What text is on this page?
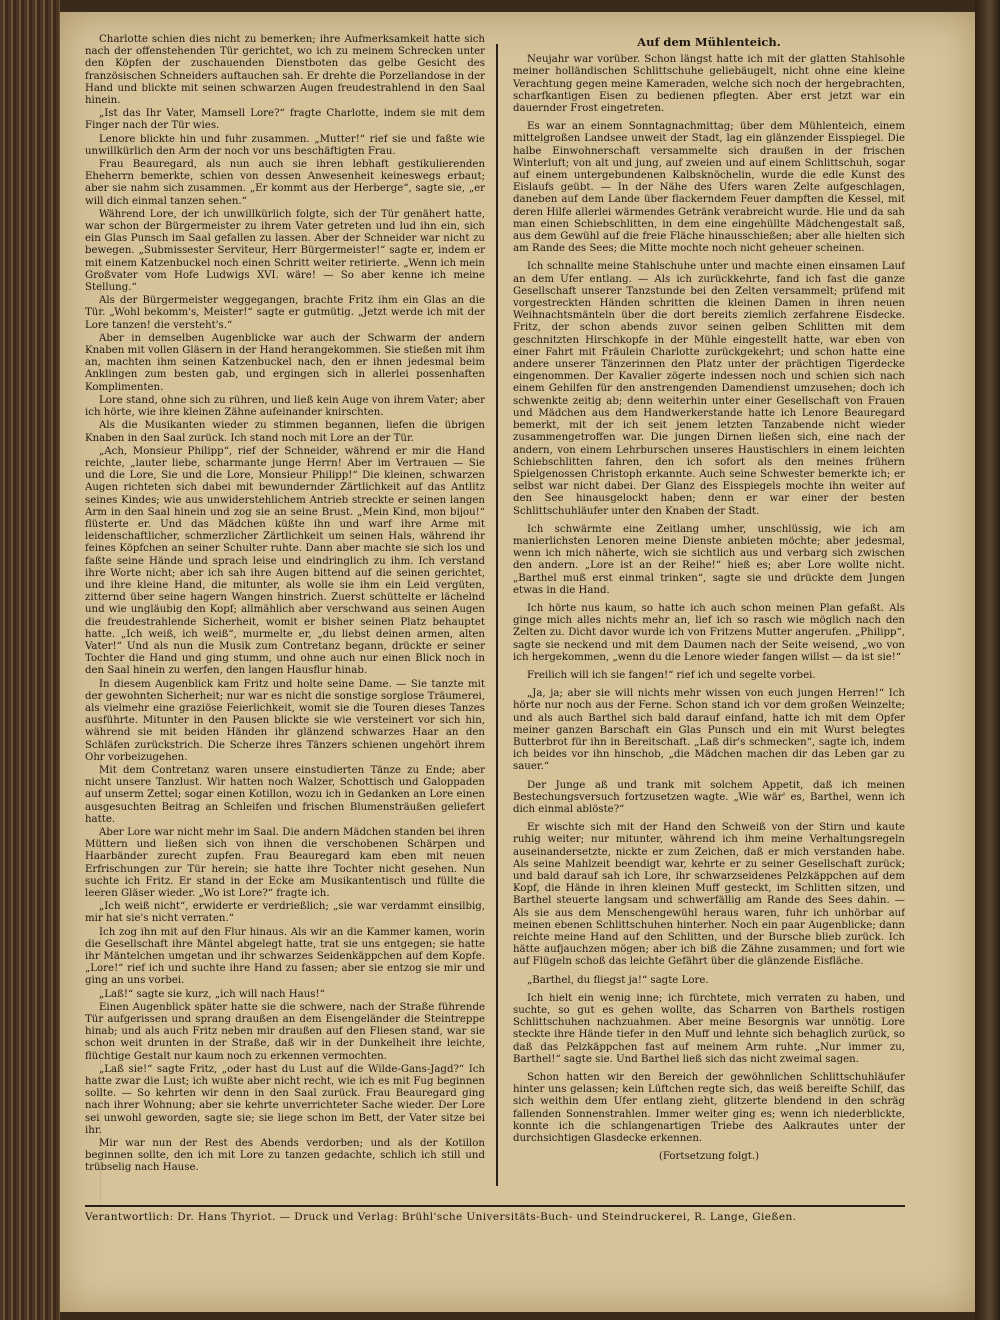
Charlotte schien dies nicht zu bemerken; ihre Aufmerksamkeit hatte sich nach der offenstehenden Tür gerichtet, wo ich zu meinem Schrecken unter den Köpfen der zuschauenden Dienstboten das gelbe Gesicht des französischen Schneiders auftauchen sah. Er drehte die Porzellandose in der Hand und blickte mit seinen schwarzen Augen freudestrahlend in den Saal hinein.

„Ist das Ihr Vater, Mamsell Lore?“ fragte Charlotte, indem sie mit dem Finger nach der Tür wies.

Lenore blickte hin und fuhr zusammen. „Mutter!“ rief sie und faßte wie unwillkürlich den Arm der noch vor uns beschäftigten Frau.

Frau Beauregard, als nun auch sie ihren lebhaft gestikulierenden Eheherrn bemerkte, schien von dessen Anwesenheit keineswegs erbaut; aber sie nahm sich zusammen. „Er kommt aus der Herberge“, sagte sie, „er will dich einmal tanzen sehen.“

Während Lore, der ich unwillkürlich folgte, sich der Tür genähert hatte, war schon der Bürgermeister zu ihrem Vater getreten und lud ihn ein, sich ein Glas Punsch im Saal gefallen zu lassen. Aber der Schneider war nicht zu bewegen. „Submissester Serviteur, Herr Bürgermeister!“ sagte er, indem er mit einem Katzenbuckel noch einen Schritt weiter retirierte. „Wenn ich mein Großvater vom Hofe Ludwigs XVI. wäre! — So aber kenne ich meine Stellung.“

Als der Bürgermeister weggegangen, brachte Fritz ihm ein Glas an die Tür. „Wohl bekomm's, Meister!“ sagte er gutmütig. „Jetzt werde ich mit der Lore tanzen! die versteht's.“

Aber in demselben Augenblicke war auch der Schwarm der andern Knaben mit vollen Gläsern in der Hand herangekommen. Sie stießen mit ihm an, machten ihm seinen Katzenbuckel nach, den er ihnen jedesmal beim Anklingen zum besten gab, und ergingen sich in allerlei possenhaften Komplimenten.

Lore stand, ohne sich zu rühren, und ließ kein Auge von ihrem Vater; aber ich hörte, wie ihre kleinen Zähne aufeinander knirschten.

Als die Musikanten wieder zu stimmen begannen, liefen die übrigen Knaben in den Saal zurück. Ich stand noch mit Lore an der Tür.

„Ach, Monsieur Philipp“, rief der Schneider, während er mir die Hand reichte, „lauter liebe, scharmante junge Herrn! Aber im Vertrauen — Sie und die Lore, Sie und die Lore, Monsieur Philipp!“ Die kleinen, schwarzen Augen richteten sich dabei mit bewundernder Zärtlichkeit auf das Antlitz seines Kindes; wie aus unwiderstehlichem Antrieb streckte er seinen langen Arm in den Saal hinein und zog sie an seine Brust. „Mein Kind, mon bijou!“ flüsterte er. Und das Mädchen küßte ihn und warf ihre Arme mit leidenschaftlicher, schmerzlicher Zärtlichkeit um seinen Hals, während ihr feines Köpfchen an seiner Schulter ruhte. Dann aber machte sie sich los und faßte seine Hände und sprach leise und eindringlich zu ihm. Ich verstand ihre Worte nicht; aber ich sah ihre Augen bittend auf die seinen gerichtet, und ihre kleine Hand, die mitunter, als wolle sie ihm ein Leid vergüten, zitternd über seine hagern Wangen hinstrich. Zuerst schüttelte er lächelnd und wie ungläubig den Kopf; allmählich aber verschwand aus seinen Augen die freudestrahlende Sicherheit, womit er bisher seinen Platz behauptet hatte. „Ich weiß, ich weiß“, murmelte er, „du liebst deinen armen, alten Vater!“ Und als nun die Musik zum Contretanz begann, drückte er seiner Tochter die Hand und ging stumm, und ohne auch nur einen Blick noch in den Saal hinein zu werfen, den langen Hausflur hinab.

In diesem Augenblick kam Fritz und holte seine Dame. — Sie tanzte mit der gewohnten Sicherheit; nur war es nicht die sonstige sorglose Träumerei, als vielmehr eine graziöse Feierlichkeit, womit sie die Touren dieses Tanzes ausführte. Mitunter in den Pausen blickte sie wie versteinert vor sich hin, während sie mit beiden Händen ihr glänzend schwarzes Haar an den Schläfen zurückstrich. Die Scherze ihres Tänzers schienen ungehört ihrem Ohr vorbeizugehen.

Mit dem Contretanz waren unsere einstudierten Tänze zu Ende; aber nicht unsere Tanzlust. Wir hatten noch Walzer, Schottisch und Galoppaden auf unserm Zettel; sogar einen Kotillon, wozu ich in Gedanken an Lore einen ausgesuchten Beitrag an Schleifen und frischen Blumensträußen geliefert hatte.

Aber Lore war nicht mehr im Saal. Die andern Mädchen standen bei ihren Müttern und ließen sich von ihnen die verschobenen Schärpen und Haarbänder zurecht zupfen. Frau Beauregard kam eben mit neuen Erfrischungen zur Tür herein; sie hatte ihre Tochter nicht gesehen. Nun suchte ich Fritz. Er stand in der Ecke am Musikantentisch und füllte die leeren Gläser wieder. „Wo ist Lore?“ fragte ich.

„Ich weiß nicht“, erwiderte er verdrießlich; „sie war verdammt einsilbig, mir hat sie's nicht verraten.“

Ich zog ihn mit auf den Flur hinaus. Als wir an die Kammer kamen, worin die Gesellschaft ihre Mäntel abgelegt hatte, trat sie uns entgegen; sie hatte ihr Mäntelchen umgetan und ihr schwarzes Seidenkäppchen auf dem Kopfe. „Lore!“ rief ich und suchte ihre Hand zu fassen; aber sie entzog sie mir und ging an uns vorbei.

„Laß!“ sagte sie kurz, „ich will nach Haus!“

Einen Augenblick später hatte sie die schwere, nach der Straße führende Tür aufgerissen und sprang draußen an dem Eisengeländer die Steintreppe hinab; und als auch Fritz neben mir draußen auf den Fliesen stand, war sie schon weit drunten in der Straße, daß wir in der Dunkelheit ihre leichte, flüchtige Gestalt nur kaum noch zu erkennen vermochten.

„Laß sie!“ sagte Fritz, „oder hast du Lust auf die Wilde-Gans-Jagd?“ Ich hatte zwar die Lust; ich wußte aber nicht recht, wie ich es mit Fug beginnen sollte. — So kehrten wir denn in den Saal zurück. Frau Beauregard ging nach ihrer Wohnung; aber sie kehrte unverrichteter Sache wieder. Der Lore sei unwohl geworden, sagte sie; sie liege schon im Bett, der Vater sitze bei ihr.

Mir war nun der Rest des Abends verdorben; und als der Kotillon beginnen sollte, den ich mit Lore zu tanzen gedachte, schlich ich still und trübselig nach Hause.

Auf dem Mühlenteich.

Neujahr war vorüber. Schon längst hatte ich mit der glatten Stahlsohle meiner holländischen Schlittschuhe geliebäugelt, nicht ohne eine kleine Verachtung gegen meine Kameraden, welche sich noch der hergebrachten, scharfkantigen Eisen zu bedienen pflegten. Aber erst jetzt war ein dauernder Frost eingetreten.

Es war an einem Sonntagnachmittag; über dem Mühlenteich, einem mittelgroßen Landsee unweit der Stadt, lag ein glänzender Eisspiegel. Die halbe Einwohnerschaft versammelte sich draußen in der frischen Winterluft; von alt und jung, auf zweien und auf einem Schlittschuh, sogar auf einem untergebundenen Kalbsknöchelin, wurde die edle Kunst des Eislaufs geübt. — In der Nähe des Ufers waren Zelte aufgeschlagen, daneben auf dem Lande über flackerndem Feuer dampften die Kessel, mit deren Hilfe allerlei wärmendes Getränk verabreicht wurde. Hie und da sah man einen Schiebschlitten, in dem eine eingehüllte Mädchengestalt saß, aus dem Gewühl auf die freie Fläche hinausschießen; aber alle hielten sich am Rande des Sees; die Mitte mochte noch nicht geheuer scheinen.

Ich schnallte meine Stahlschuhe unter und machte einen einsamen Lauf an dem Ufer entlang. — Als ich zurückkehrte, fand ich fast die ganze Gesellschaft unserer Tanzstunde bei den Zelten versammelt; prüfend mit vorgestreckten Händen schritten die kleinen Damen in ihren neuen Weihnachtsmänteln über die dort bereits ziemlich zerfahrene Eisdecke. Fritz, der schon abends zuvor seinen gelben Schlitten mit dem geschnitzten Hirschkopfe in der Mühle eingestellt hatte, war eben von einer Fahrt mit Fräulein Charlotte zurückgekehrt; und schon hatte eine andere unserer Tänzerinnen den Platz unter der prächtigen Tigerdecke eingenommen. Der Kavalier zögerte indessen noch und schien sich nach einem Gehilfen für den anstrengenden Damendienst umzusehen; doch ich schwenkte zeitig ab; denn weiterhin unter einer Gesellschaft von Frauen und Mädchen aus dem Handwerkerstande hatte ich Lenore Beauregard bemerkt, mit der ich seit jenem letzten Tanzabende nicht wieder zusammengetroffen war. Die jungen Dirnen ließen sich, eine nach der andern, von einem Lehrburschen unseres Haustischlers in einem leichten Schiebschlitten fahren, den ich sofort als den meines frühern Spielgenossen Christoph erkannte. Auch seine Schwester bemerkte ich; er selbst war nicht dabei. Der Glanz des Eisspiegels mochte ihn weiter auf den See hinausgelockt haben; denn er war einer der besten Schlittschuhläufer unter den Knaben der Stadt.

Ich schwärmte eine Zeitlang umher, unschlüssig, wie ich am manierlichsten Lenoren meine Dienste anbieten möchte; aber jedesmal, wenn ich mich näherte, wich sie sichtlich aus und verbarg sich zwischen den andern. „Lore ist an der Reihe!“ hieß es; aber Lore wollte nicht. „Barthel muß erst einmal trinken“, sagte sie und drückte dem Jungen etwas in die Hand.

Ich hörte nus kaum, so hatte ich auch schon meinen Plan gefaßt. Als ginge mich alles nichts mehr an, lief ich so rasch wie möglich nach den Zelten zu. Dicht davor wurde ich von Fritzens Mutter angerufen. „Philipp“, sagte sie neckend und mit dem Daumen nach der Seite weisend, „wo von ich hergekommen, „wenn du die Lenore wieder fangen willst — da ist sie!“

Freilich will ich sie fangen!“ rief ich und segelte vorbei.

„Ja, ja; aber sie will nichts mehr wissen von euch jungen Herren!“ Ich hörte nur noch aus der Ferne. Schon stand ich vor dem großen Weinzelte; und als auch Barthel sich bald darauf einfand, hatte ich mit dem Opfer meiner ganzen Barschaft ein Glas Punsch und ein mit Wurst belegtes Butterbrot für ihn in Bereitschaft. „Laß dir's schmecken“, sagte ich, indem ich beides vor ihn hinschob, „die Mädchen machen dir das Leben gar zu sauer.“

Der Junge aß und trank mit solchem Appetit, daß ich meinen Bestechungsversuch fortzusetzen wagte. „Wie wär' es, Barthel, wenn ich dich einmal ablöste?“

Er wischte sich mit der Hand den Schweiß von der Stirn und kaute ruhig weiter; nur mitunter, während ich ihm meine Verhaltungsregeln auseinandersetzte, nickte er zum Zeichen, daß er mich verstanden habe. Als seine Mahlzeit beendigt war, kehrte er zu seiner Gesellschaft zurück; und bald darauf sah ich Lore, ihr schwarzseidenes Pelzkäppchen auf dem Kopf, die Hände in ihren kleinen Muff gesteckt, im Schlitten sitzen, und Barthel steuerte langsam und schwerfällig am Rande des Sees dahin. — Als sie aus dem Menschengewühl heraus waren, fuhr ich unhörbar auf meinen ebenen Schlittschuhen hinterher. Noch ein paar Augenblicke; dann reichte meine Hand auf den Schlitten, und der Bursche blieb zurück. Ich hätte aufjauchzen mögen; aber ich biß die Zähne zusammen; und fort wie auf Flügeln schoß das leichte Gefährt über die glänzende Eisfläche.

„Barthel, du fliegst ja!“ sagte Lore.

Ich hielt ein wenig inne; ich fürchtete, mich verraten zu haben, und suchte, so gut es gehen wollte, das Scharren von Barthels rostigen Schlittschuhen nachzuahmen. Aber meine Besorgnis war unnötig. Lore steckte ihre Hände tiefer in den Muff und lehnte sich behaglich zurück, so daß das Pelzkäppchen fast auf meinem Arm ruhte. „Nur immer zu, Barthel!“ sagte sie. Und Barthel ließ sich das nicht zweimal sagen.

Schon hatten wir den Bereich der gewöhnlichen Schlittschuhläufer hinter uns gelassen; kein Lüftchen regte sich, das weiß bereifte Schilf, das sich weithin dem Ufer entlang zieht, glitzerte blendend in den schräg fallenden Sonnenstrahlen. Immer weiter ging es; wenn ich niederblickte, konnte ich die schlangenartigen Triebe des Aalkrautes unter der durchsichtigen Glasdecke erkennen.

(Fortsetzung folgt.)

Verantwortlich: Dr. Hans Thyriot. — Druck und Verlag: Brühl'sche Universitäts-Buch- und Steindruckerei, R. Lange, Gießen.
